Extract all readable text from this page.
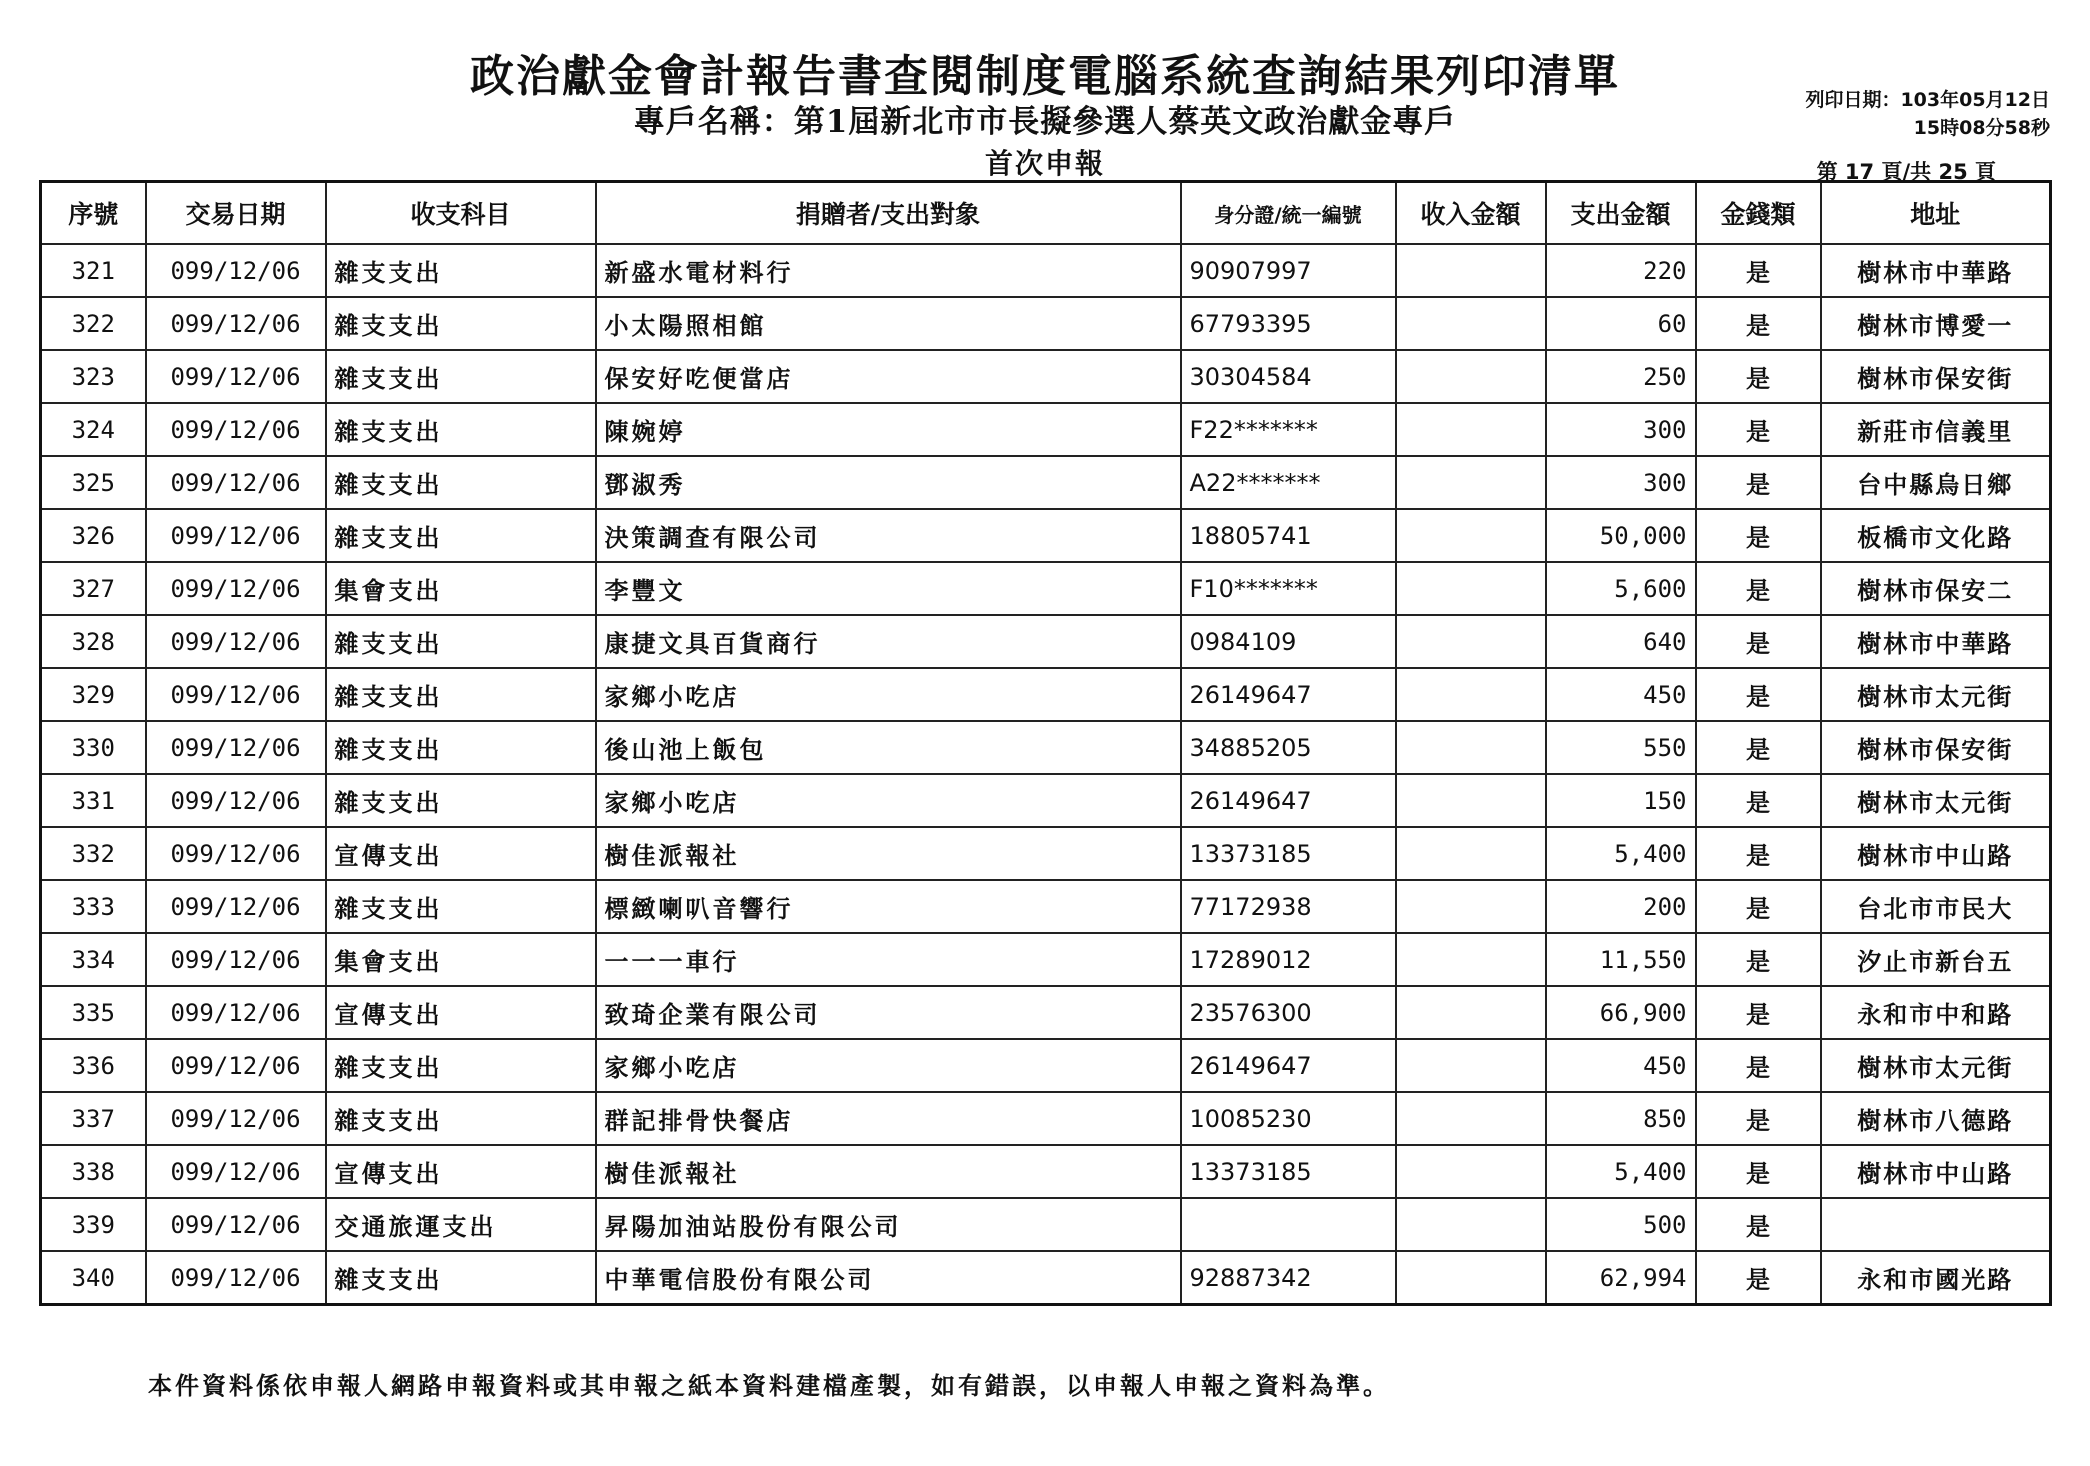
政治獻金會計報告書查閱制度電腦系統查詢結果列印清單
專戶名稱：第1屆新北市市長擬參選人蔡英文政治獻金專戶
首次申報
列印日期：103年05月12日
15時08分58秒
第 17 頁/共 25 頁
序號	交易日期	收支科目	捐贈者/支出對象	身分證/統一編號	收入金額	支出金額	金錢類	地址
321	099/12/06	雜支支出	新盛水電材料行	90907997		220	是	樹林市中華路
322	099/12/06	雜支支出	小太陽照相館	67793395		60	是	樹林市博愛一
323	099/12/06	雜支支出	保安好吃便當店	30304584		250	是	樹林市保安街
324	099/12/06	雜支支出	陳婉婷	F22*******		300	是	新莊市信義里
325	099/12/06	雜支支出	鄧淑秀	A22*******		300	是	台中縣烏日鄉
326	099/12/06	雜支支出	決策調查有限公司	18805741		50,000	是	板橋市文化路
327	099/12/06	集會支出	李豐文	F10*******		5,600	是	樹林市保安二
328	099/12/06	雜支支出	康捷文具百貨商行	0984109		640	是	樹林市中華路
329	099/12/06	雜支支出	家鄉小吃店	26149647		450	是	樹林市太元街
330	099/12/06	雜支支出	後山池上飯包	34885205		550	是	樹林市保安街
331	099/12/06	雜支支出	家鄉小吃店	26149647		150	是	樹林市太元街
332	099/12/06	宣傳支出	樹佳派報社	13373185		5,400	是	樹林市中山路
333	099/12/06	雜支支出	標緻喇叭音響行	77172938		200	是	台北市市民大
334	099/12/06	集會支出	一一一車行	17289012		11,550	是	汐止市新台五
335	099/12/06	宣傳支出	致琦企業有限公司	23576300		66,900	是	永和市中和路
336	099/12/06	雜支支出	家鄉小吃店	26149647		450	是	樹林市太元街
337	099/12/06	雜支支出	群記排骨快餐店	10085230		850	是	樹林市八德路
338	099/12/06	宣傳支出	樹佳派報社	13373185		5,400	是	樹林市中山路
339	099/12/06	交通旅運支出	昇陽加油站股份有限公司			500	是	
340	099/12/06	雜支支出	中華電信股份有限公司	92887342		62,994	是	永和市國光路
本件資料係依申報人網路申報資料或其申報之紙本資料建檔產製，如有錯誤，以申報人申報之資料為準。
